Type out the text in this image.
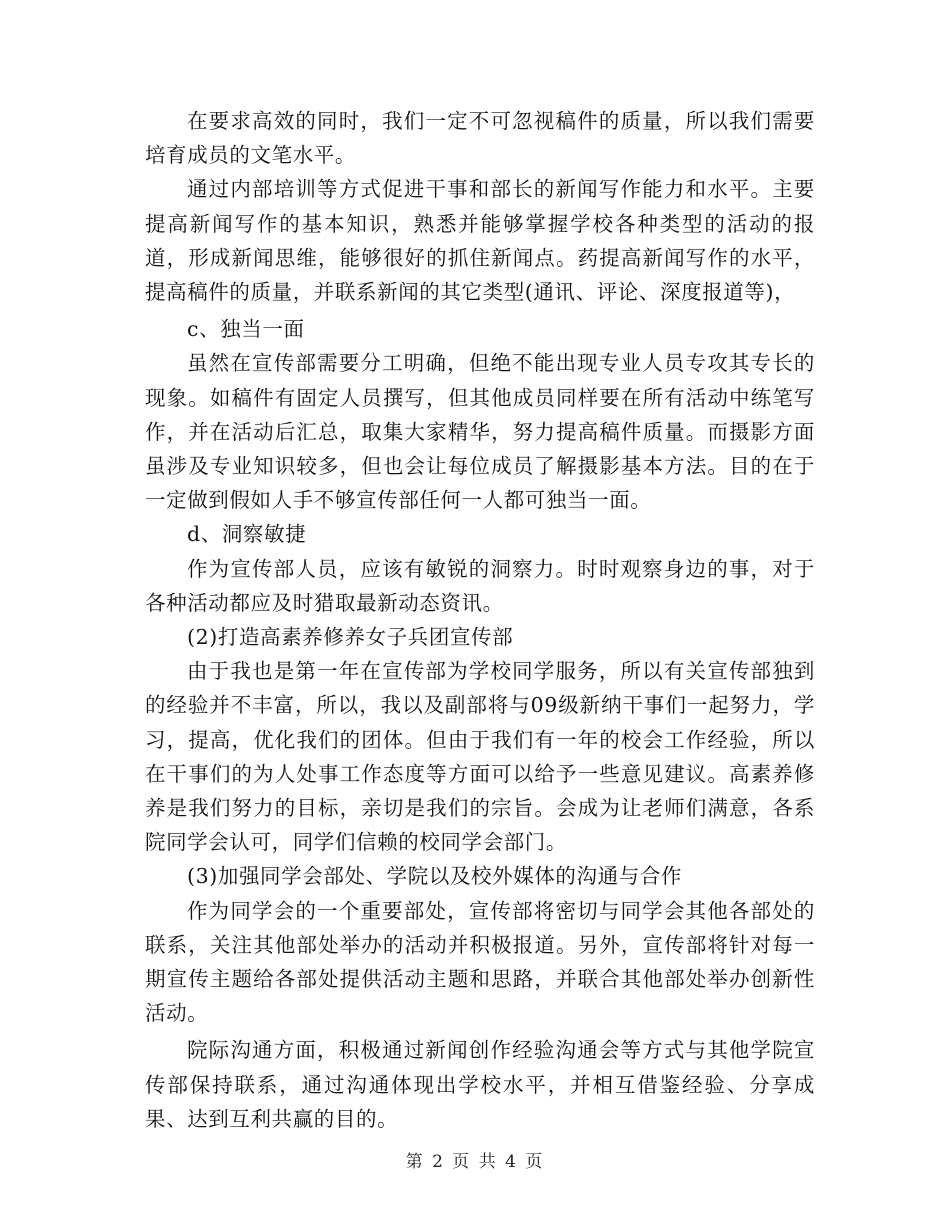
在要求高效的同时，我们一定不可忽视稿件的质量，所以我们需要培育成员的文笔水平。

通过内部培训等方式促进干事和部长的新闻写作能力和水平。主要提高新闻写作的基本知识，熟悉并能够掌握学校各种类型的活动的报道，形成新闻思维，能够很好的抓住新闻点。药提高新闻写作的水平，提高稿件的质量，并联系新闻的其它类型(通讯、评论、深度报道等)，

c、独当一面

虽然在宣传部需要分工明确，但绝不能出现专业人员专攻其专长的现象。如稿件有固定人员撰写，但其他成员同样要在所有活动中练笔写作，并在活动后汇总，取集大家精华，努力提高稿件质量。而摄影方面虽涉及专业知识较多，但也会让每位成员了解摄影基本方法。目的在于一定做到假如人手不够宣传部任何一人都可独当一面。

d、洞察敏捷

作为宣传部人员，应该有敏锐的洞察力。时时观察身边的事，对于各种活动都应及时猎取最新动态资讯。

(2)打造高素养修养女子兵团宣传部

由于我也是第一年在宣传部为学校同学服务，所以有关宣传部独到的经验并不丰富，所以，我以及副部将与09级新纳干事们一起努力，学习，提高，优化我们的团体。但由于我们有一年的校会工作经验，所以在干事们的为人处事工作态度等方面可以给予一些意见建议。高素养修养是我们努力的目标，亲切是我们的宗旨。会成为让老师们满意，各系院同学会认可，同学们信赖的校同学会部门。

(3)加强同学会部处、学院以及校外媒体的沟通与合作

作为同学会的一个重要部处，宣传部将密切与同学会其他各部处的联系，关注其他部处举办的活动并积极报道。另外，宣传部将针对每一期宣传主题给各部处提供活动主题和思路，并联合其他部处举办创新性活动。

院际沟通方面，积极通过新闻创作经验沟通会等方式与其他学院宣传部保持联系，通过沟通体现出学校水平，并相互借鉴经验、分享成果、达到互利共赢的目的。

第 2 页 共 4 页
